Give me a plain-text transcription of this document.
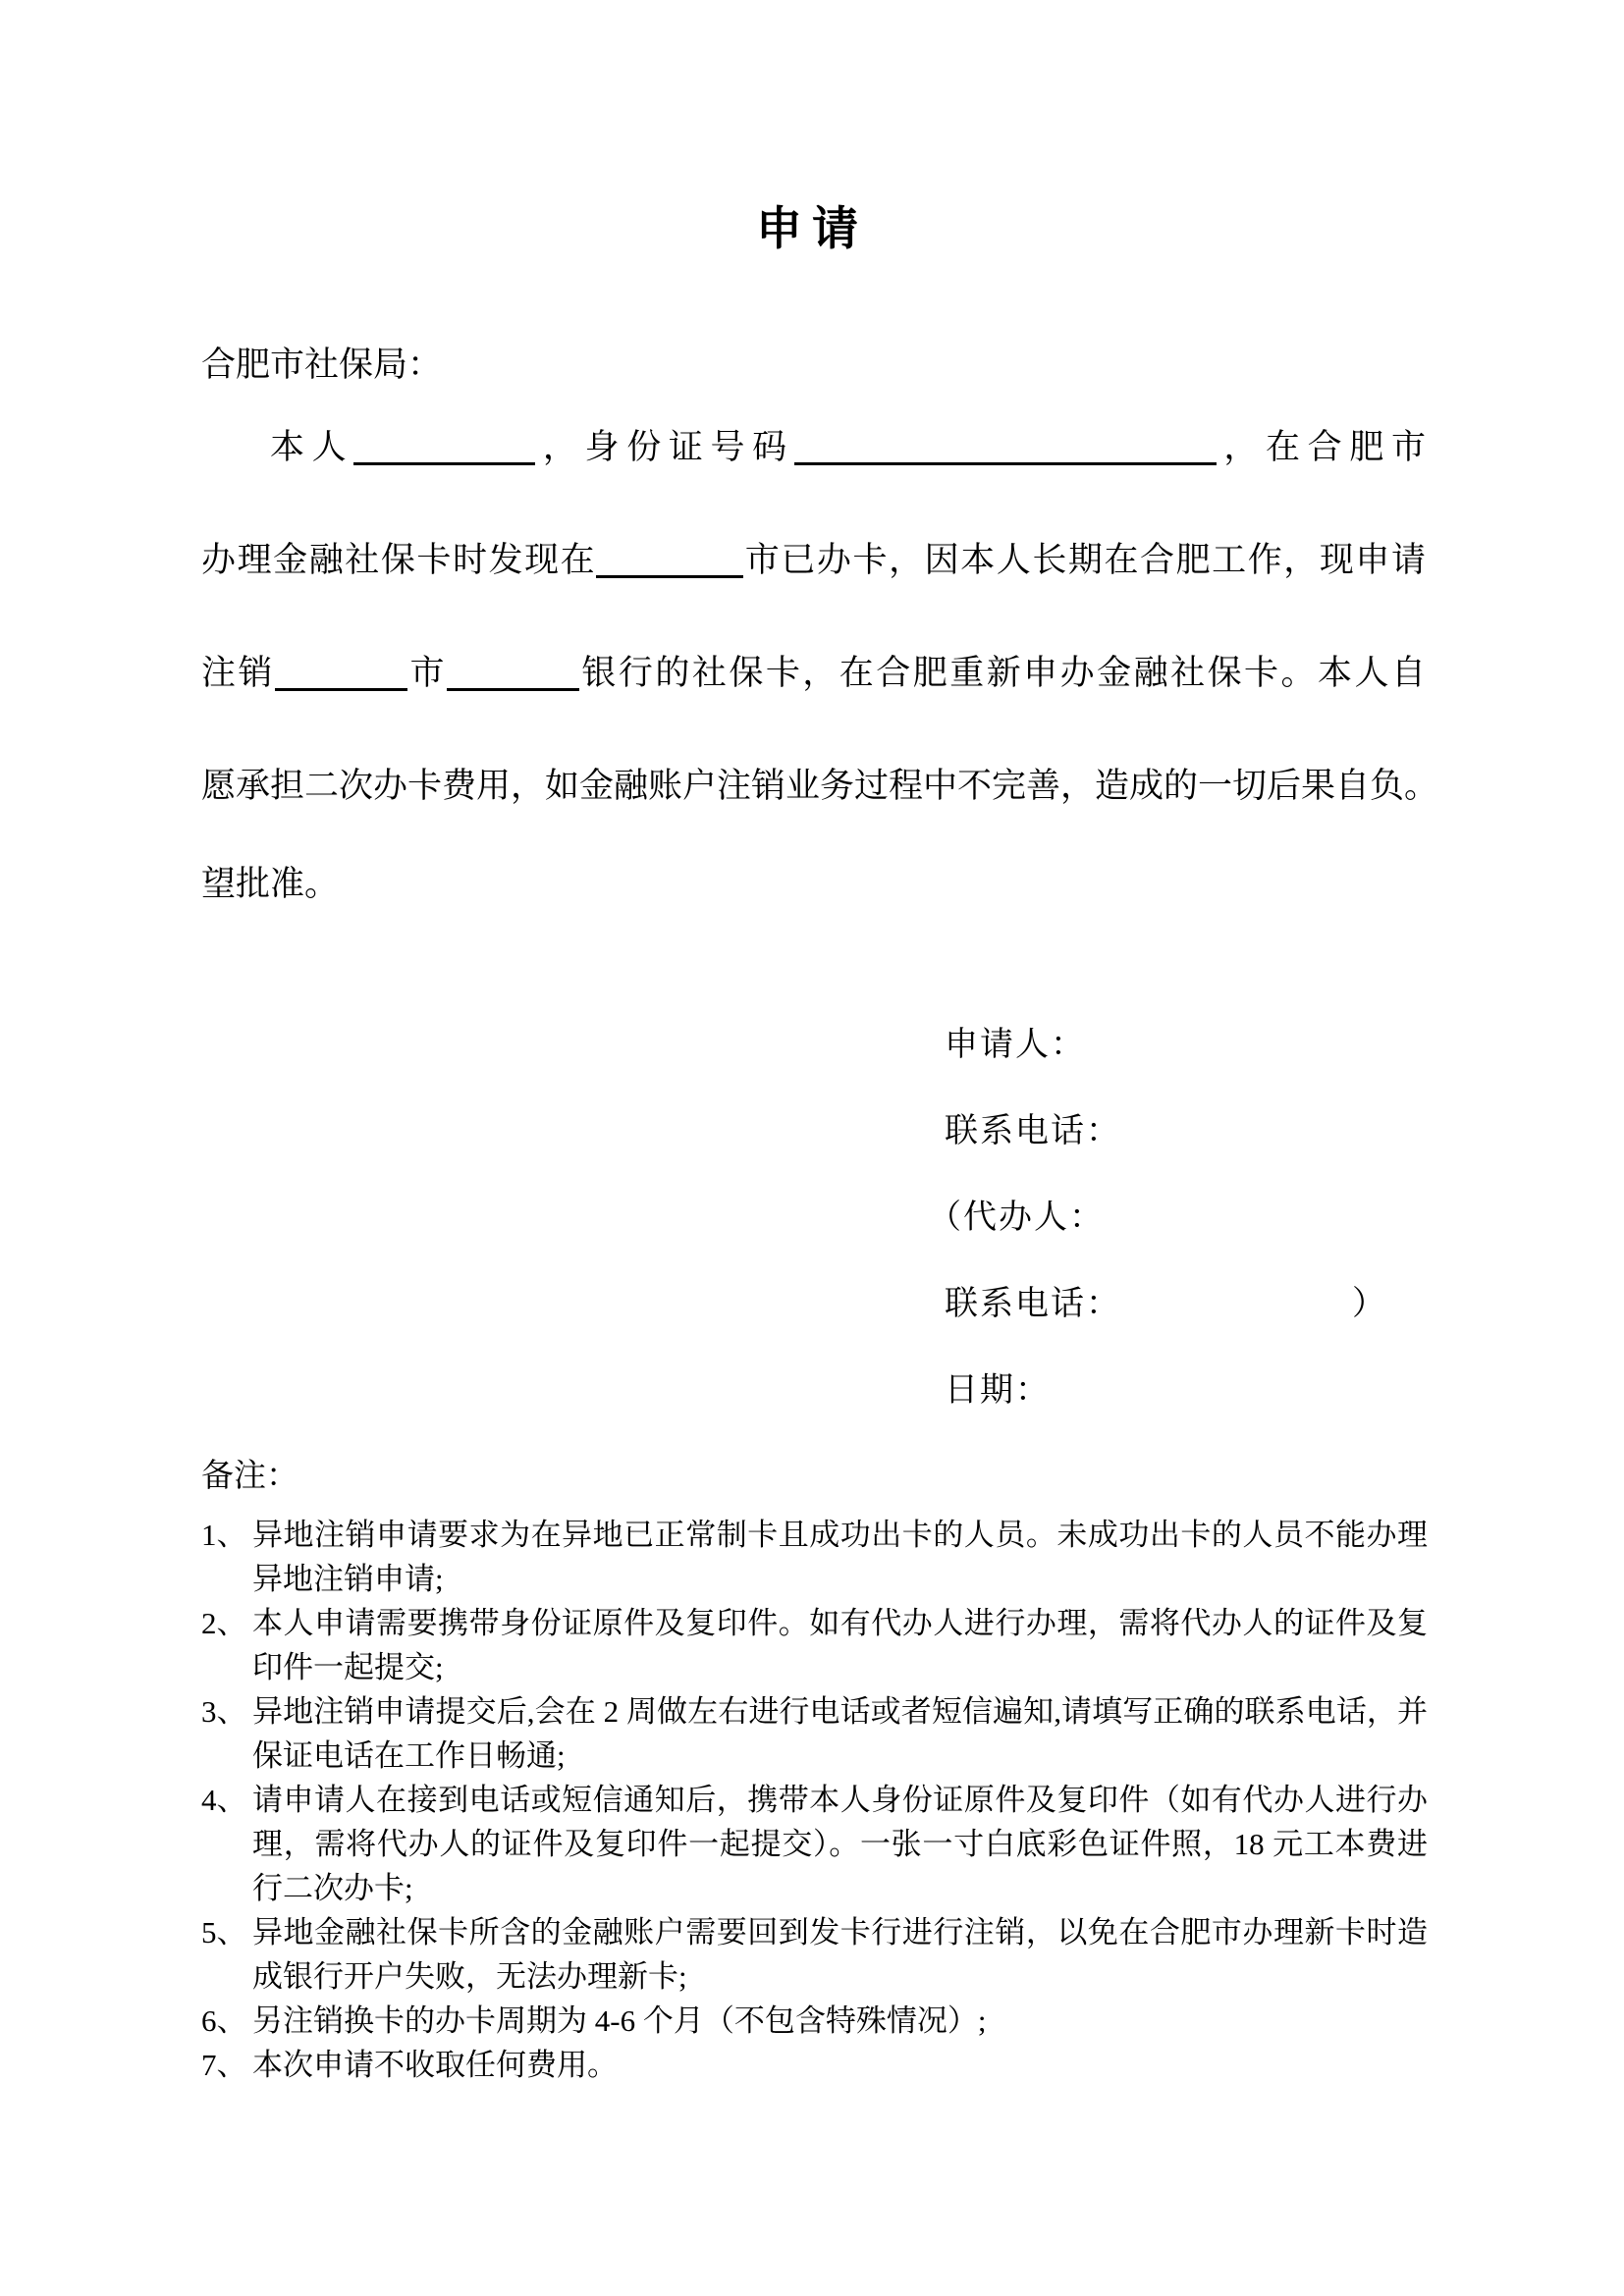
申请
合肥市社保局：
本人	，身份证号码	，在合肥市
办理金融社保卡时发现在	市已办卡，因本人长期在合肥工作，现申请
注销	市	银行的社保卡，在合肥重新申办金融社保卡。本人自
愿承担二次办卡费用，如金融账户注销业务过程中不完善，造成的一切后果自负。
望批准。
申请人：
联系电话：
（代办人：
联系电话：	）
日期：
备注：
1、 异地注销申请要求为在异地已正常制卡且成功出卡的人员。未成功出卡的人员不能办理异地注销申请;
2、 本人申请需要携带身份证原件及复印件。如有代办人进行办理，需将代办人的证件及复印件一起提交;
3、 异地注销申请提交后,会在 2 周做左右进行电话或者短信遍知,请填写正确的联系电话，并保证电话在工作日畅通;
4、 请申请人在接到电话或短信通知后，携带本人身份证原件及复印件（如有代办人进行办理，需将代办人的证件及复印件一起提交）。一张一寸白底彩色证件照，18 元工本费进行二次办卡;
5、 异地金融社保卡所含的金融账户需要回到发卡行进行注销，以免在合肥市办理新卡时造成银行开户失败，无法办理新卡;
6、 另注销换卡的办卡周期为 4-6 个月（不包含特殊情况）;
7、 本次申请不收取任何费用。
